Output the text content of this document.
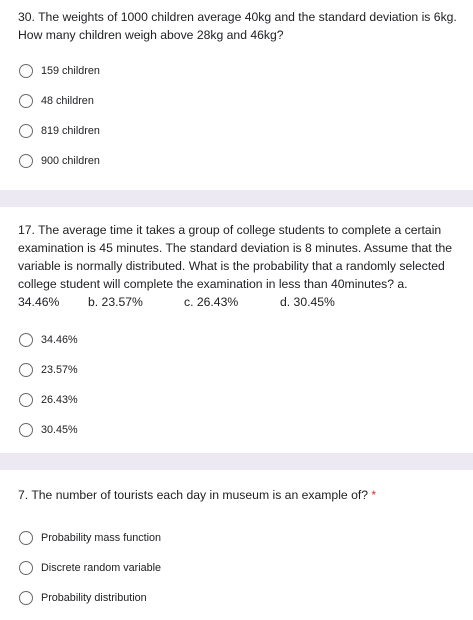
30. The weights of 1000 children average 40kg and the standard deviation is 6kg. How many children weigh above 28kg and 46kg?
159 children
48 children
819 children
900 children
17. The average time it takes a group of college students to complete a certain examination is 45 minutes. The standard deviation is 8 minutes. Assume that the variable is normally distributed. What is the probability that a randomly selected college student will complete the examination in less than 40minutes? a.
34.46%	b. 23.57%	c. 26.43%	d. 30.45%
34.46%
23.57%
26.43%
30.45%
7. The number of tourists each day in museum is an example of? *
Probability mass function
Discrete random variable
Probability distribution
